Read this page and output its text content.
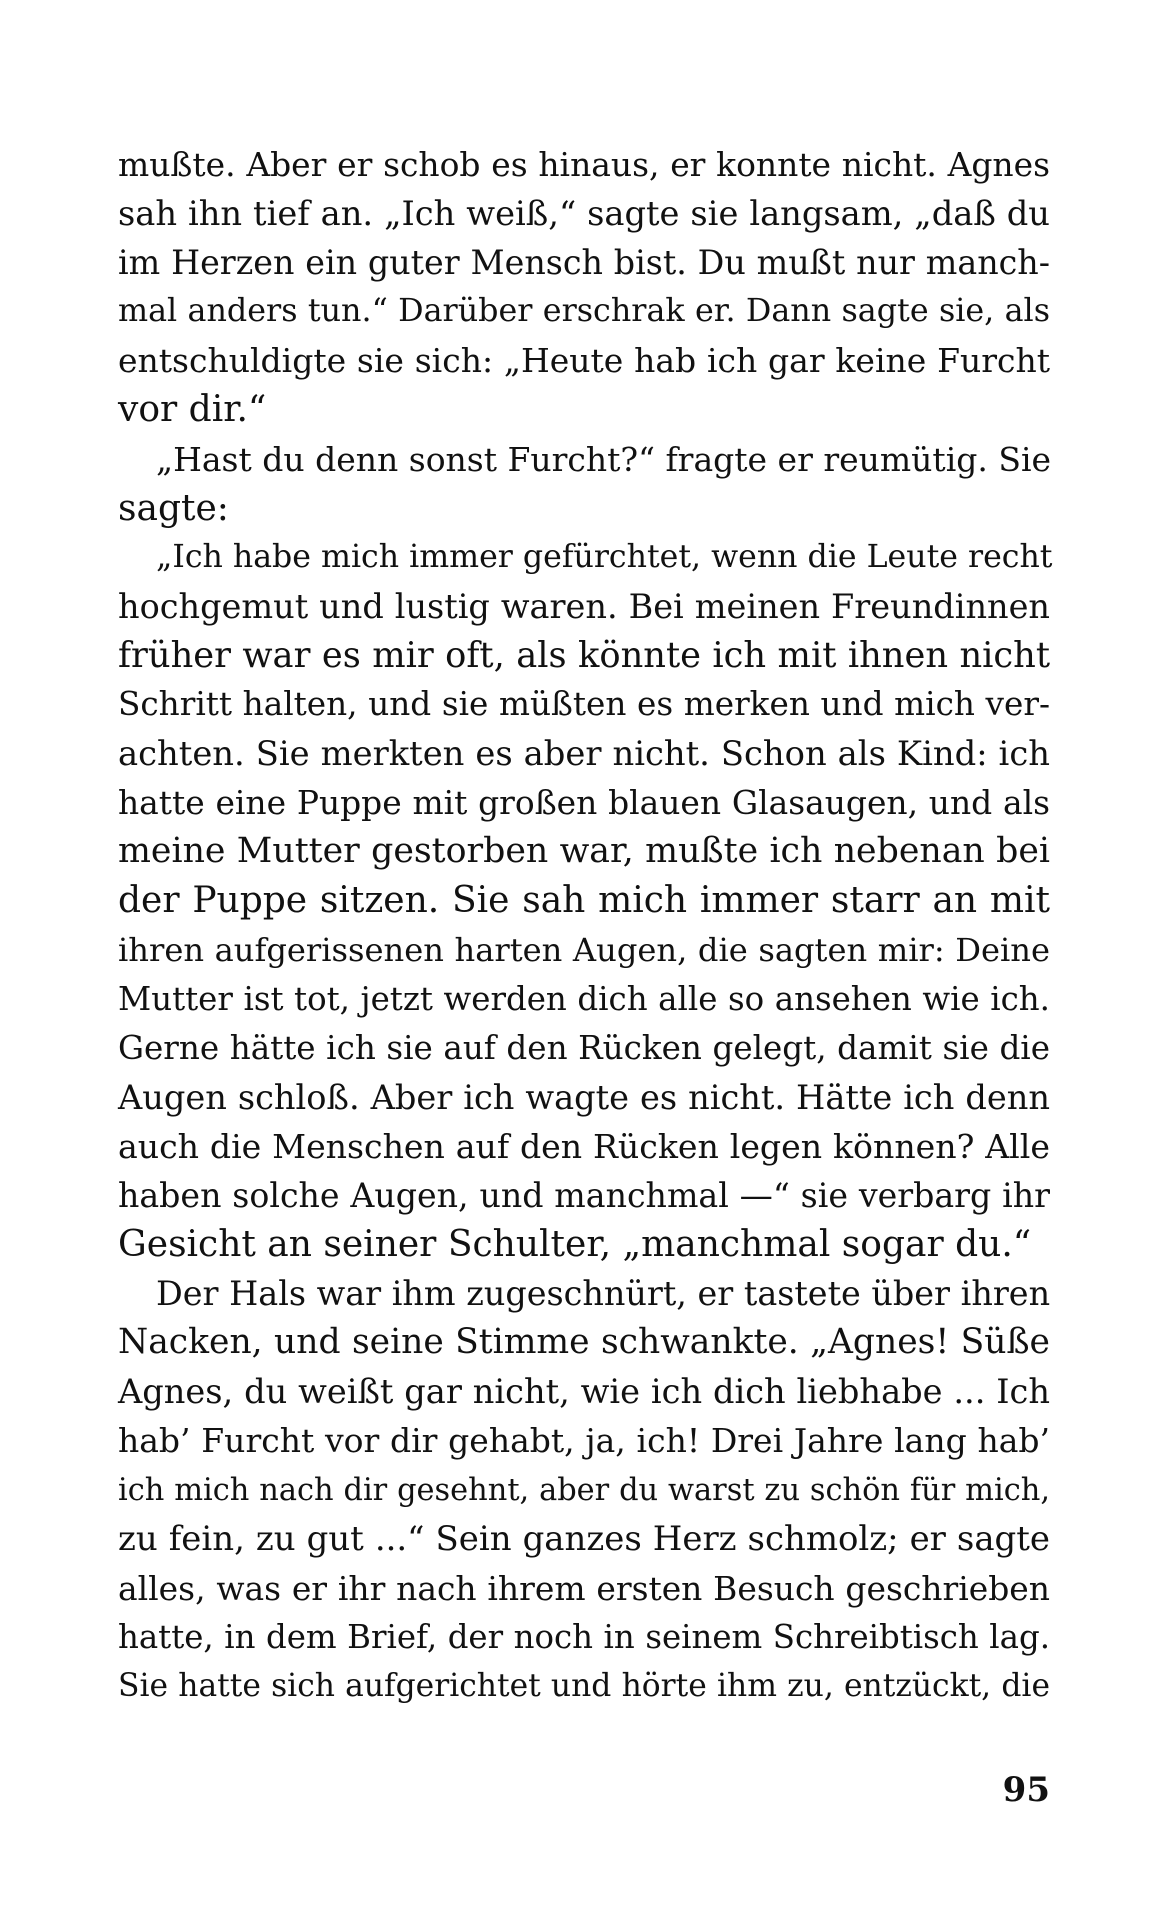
mußte. Aber er schob es hinaus, er konnte nicht. Agnes
sah ihn tief an. „Ich weiß,“ sagte sie langsam, „daß du
im Herzen ein guter Mensch bist. Du mußt nur manch-
mal anders tun.“ Darüber erschrak er. Dann sagte sie, als
entschuldigte sie sich: „Heute hab ich gar keine Furcht
vor dir.“
„Hast du denn sonst Furcht?“ fragte er reumütig. Sie
sagte:
„Ich habe mich immer gefürchtet, wenn die Leute recht
hochgemut und lustig waren. Bei meinen Freundinnen
früher war es mir oft, als könnte ich mit ihnen nicht
Schritt halten, und sie müßten es merken und mich ver-
achten. Sie merkten es aber nicht. Schon als Kind: ich
hatte eine Puppe mit großen blauen Glasaugen, und als
meine Mutter gestorben war, mußte ich nebenan bei
der Puppe sitzen. Sie sah mich immer starr an mit
ihren aufgerissenen harten Augen, die sagten mir: Deine
Mutter ist tot, jetzt werden dich alle so ansehen wie ich.
Gerne hätte ich sie auf den Rücken gelegt, damit sie die
Augen schloß. Aber ich wagte es nicht. Hätte ich denn
auch die Menschen auf den Rücken legen können? Alle
haben solche Augen, und manchmal —“ sie verbarg ihr
Gesicht an seiner Schulter, „manchmal sogar du.“
Der Hals war ihm zugeschnürt, er tastete über ihren
Nacken, und seine Stimme schwankte. „Agnes! Süße
Agnes, du weißt gar nicht, wie ich dich liebhabe ... Ich
hab’ Furcht vor dir gehabt, ja, ich! Drei Jahre lang hab’
ich mich nach dir gesehnt, aber du warst zu schön für mich,
zu fein, zu gut ...“ Sein ganzes Herz schmolz; er sagte
alles, was er ihr nach ihrem ersten Besuch geschrieben
hatte, in dem Brief, der noch in seinem Schreibtisch lag.
Sie hatte sich aufgerichtet und hörte ihm zu, entzückt, die
95
